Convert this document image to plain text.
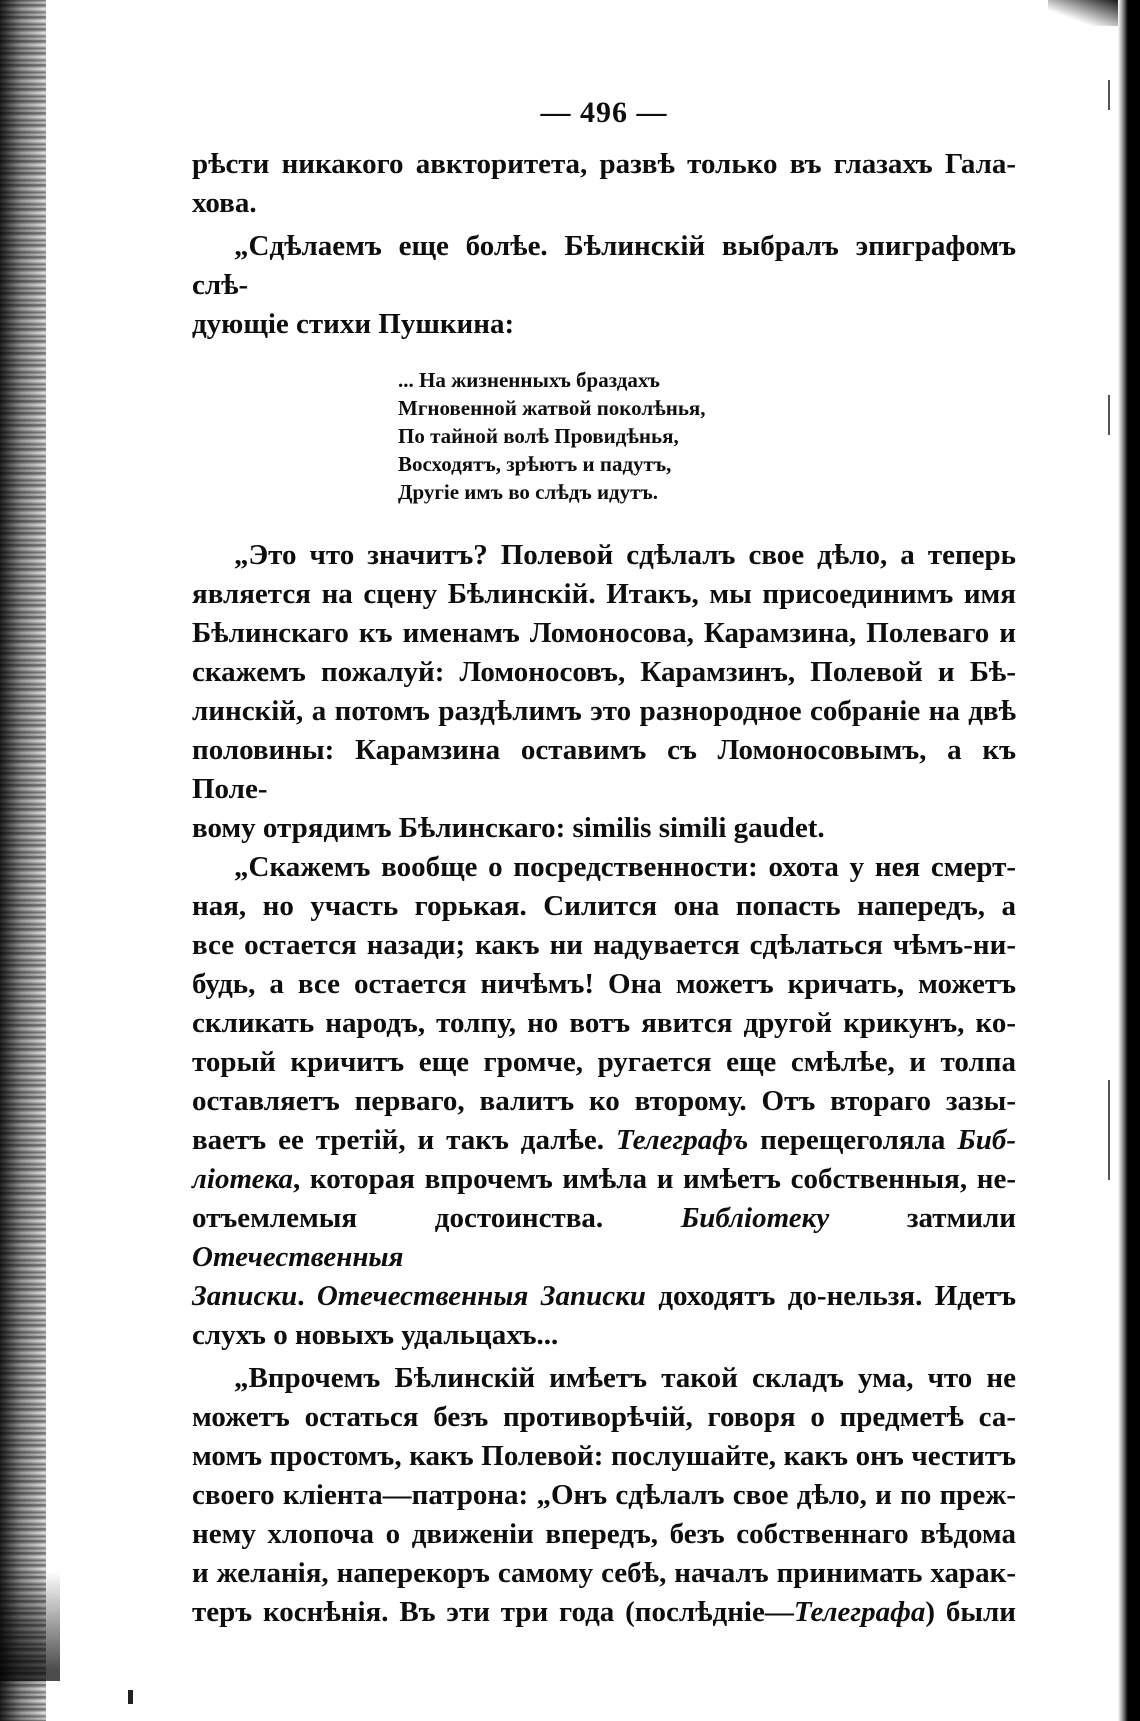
— 496 —

рѣсти никакого авкторитета, развѣ только въ глазахъ Гала-

хова.

„Сдѣлаемъ еще болѣе. Бѣлинскій выбралъ эпиграфомъ слѣ-

дующіе стихи Пушкина:

... На жизненныхъ браздахъ
Мгновенной жатвой поколѣнья,
По тайной волѣ Провидѣнья,
Восходятъ, зрѣютъ и падутъ,
Другіе имъ во слѣдъ идутъ.

„Это что значитъ? Полевой сдѣлалъ свое дѣло, а теперь

является на сцену Бѣлинскій. Итакъ, мы присоединимъ имя

Бѣлинскаго къ именамъ Ломоносова, Карамзина, Полеваго и

скажемъ пожалуй: Ломоносовъ, Карамзинъ, Полевой и Бѣ-

линскій, а потомъ раздѣлимъ это разнородное собраніе на двѣ

половины: Карамзина оставимъ съ Ломоносовымъ, а къ Поле-

вому отрядимъ Бѣлинскаго: similis simili gaudet.

„Скажемъ вообще о посредственности: охота у нея смерт-

ная, но участь горькая. Силится она попасть напередъ, а

все остается назади; какъ ни надувается сдѣлаться чѣмъ-ни-

будь, а все остается ничѣмъ! Она можетъ кричать, можетъ

скликать народъ, толпу, но вотъ явится другой крикунъ, ко-

торый кричитъ еще громче, ругается еще смѣлѣе, и толпа

оставляетъ перваго, валитъ ко второму. Отъ втораго зазы-

ваетъ ее третій, и такъ далѣе. Телеграфъ перещеголяла Биб-

ліотека, которая впрочемъ имѣла и имѣетъ собственныя, не-

отъемлемыя достоинства. Библіотеку затмили Отечественныя

Записки. Отечественныя Записки доходятъ до-нельзя. Идетъ

слухъ о новыхъ удальцахъ...

„Впрочемъ Бѣлинскій имѣетъ такой складъ ума, что не

можетъ остаться безъ противорѣчій, говоря о предметѣ са-

момъ простомъ, какъ Полевой: послушайте, какъ онъ честитъ

своего кліента—патрона: „Онъ сдѣлалъ свое дѣло, и по преж-

нему хлопоча о движеніи впередъ, безъ собственнаго вѣдома

и желанія, наперекоръ самому себѣ, началъ принимать харак-

теръ коснѣнія. Въ эти три года (послѣдніе—Телеграфа) были
